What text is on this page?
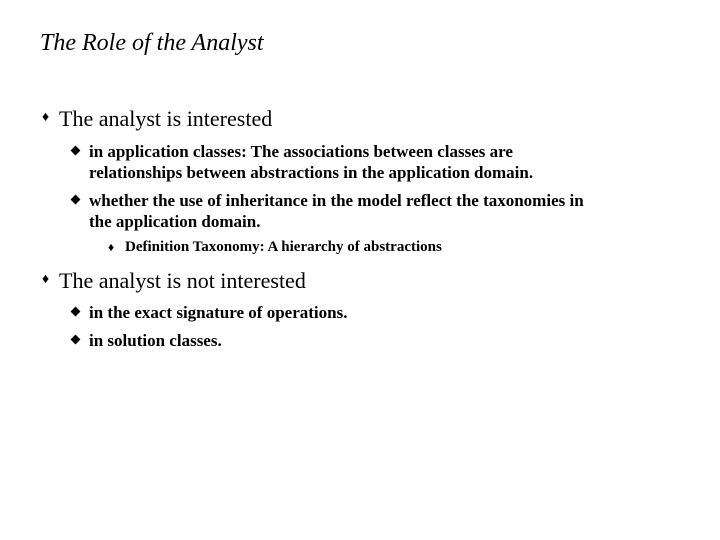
The Role of the Analyst
♦ The analyst is interested
in application classes: The associations between classes are
relationships between abstractions in the application domain.
whether the use of inheritance in the model reflect the taxonomies in
the application domain.
♦ Definition Taxonomy: A hierarchy of abstractions
♦ The analyst is not interested
in the exact signature of operations.
in solution classes.
